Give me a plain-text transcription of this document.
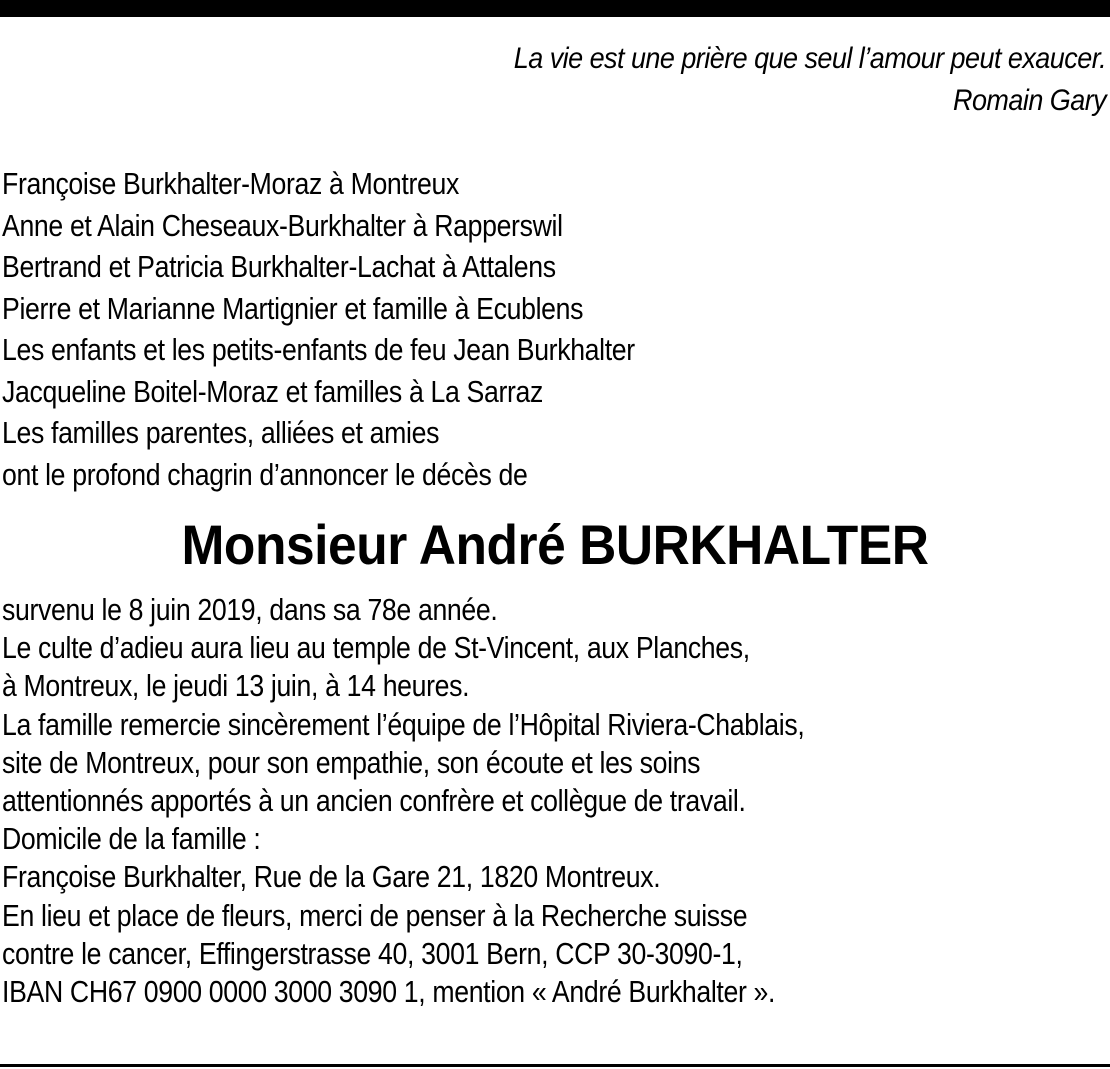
La vie est une prière que seul l’amour peut exaucer.
Romain Gary
Françoise Burkhalter-Moraz à Montreux
Anne et Alain Cheseaux-Burkhalter à Rapperswil
Bertrand et Patricia Burkhalter-Lachat à Attalens
Pierre et Marianne Martignier et famille à Ecublens
Les enfants et les petits-enfants de feu Jean Burkhalter
Jacqueline Boitel-Moraz et familles à La Sarraz
Les familles parentes, alliées et amies
ont le profond chagrin d’annoncer le décès de
Monsieur André BURKHALTER
survenu le 8 juin 2019, dans sa 78e année.
Le culte d’adieu aura lieu au temple de St-Vincent, aux Planches,
à Montreux, le jeudi 13 juin, à 14 heures.
La famille remercie sincèrement l’équipe de l’Hôpital Riviera-Chablais,
site de Montreux, pour son empathie, son écoute et les soins
attentionnés apportés à un ancien confrère et collègue de travail.
Domicile de la famille :
Françoise Burkhalter, Rue de la Gare 21, 1820 Montreux.
En lieu et place de fleurs, merci de penser à la Recherche suisse
contre le cancer, Effingerstrasse 40, 3001 Bern, CCP 30-3090-1,
IBAN CH67 0900 0000 3000 3090 1, mention « André Burkhalter ».
